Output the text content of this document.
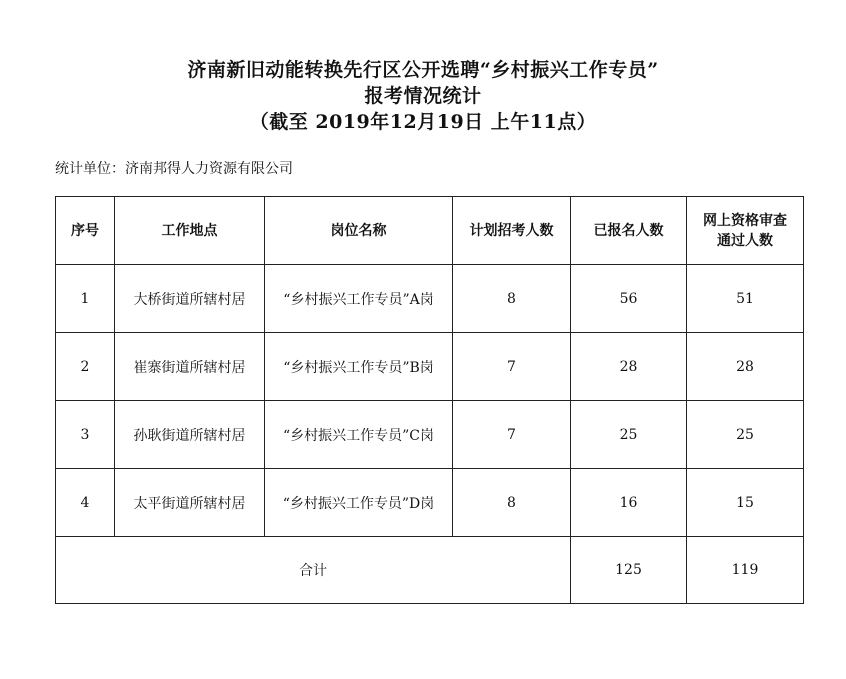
济南新旧动能转换先行区公开选聘“乡村振兴工作专员”
报考情况统计
（截至 2019年12月19日 上午11点）
统计单位：济南邦得人力资源有限公司
序号	工作地点	岗位名称	计划招考人数	已报名人数	网上资格审查通过人数
1	大桥街道所辖村居	“乡村振兴工作专员”A岗	8	56	51
2	崔寨街道所辖村居	“乡村振兴工作专员”B岗	7	28	28
3	孙耿街道所辖村居	“乡村振兴工作专员”C岗	7	25	25
4	太平街道所辖村居	“乡村振兴工作专员”D岗	8	16	15
合计				125	119
